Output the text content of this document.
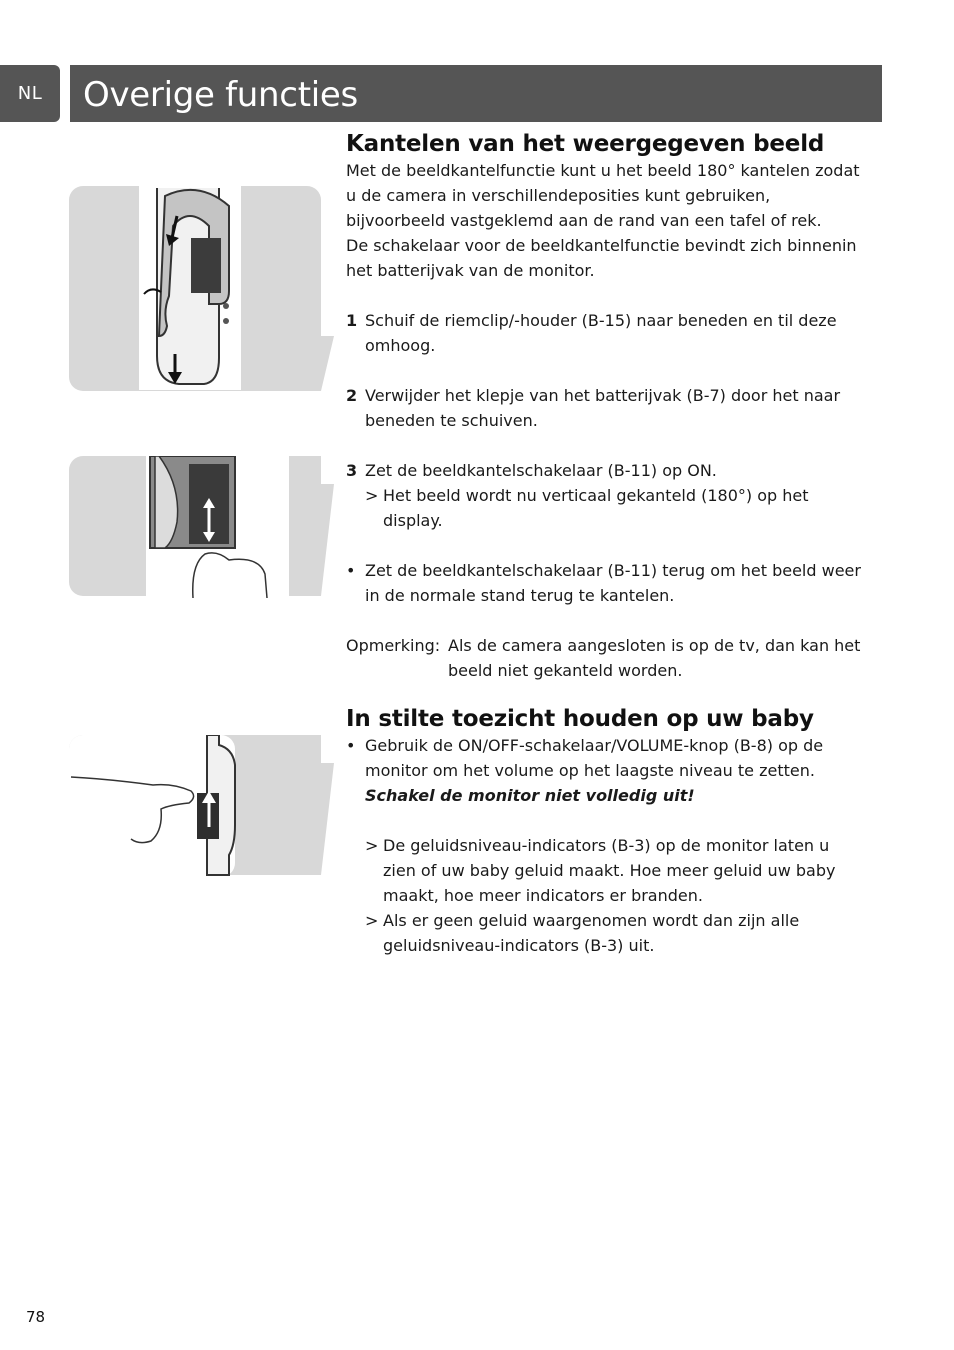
NL	Overige functies
Kantelen van het weergegeven beeld

Met de beeldkantelfunctie kunt u het beeld 180° kantelen zodat

u de camera in verschillendeposities kunt gebruiken,

bijvoorbeeld vastgeklemd aan de rand van een tafel of rek.

De schakelaar voor de beeldkantelfunctie bevindt zich binnenin

het batterijvak van de monitor.

1 Schuif de riemclip/-houder (B-15) naar beneden en til deze

omhoog.

2 Verwijder het klepje van het batterijvak (B-7) door het naar

beneden te schuiven.

3 Zet de beeldkantelschakelaar (B-11) op ON.

> Het beeld wordt nu verticaal gekanteld (180°) op het

display.

• Zet de beeldkantelschakelaar (B-11) terug om het beeld weer

in de normale stand terug te kantelen.

Opmerking: Als de camera aangesloten is op de tv, dan kan het

beeld niet gekanteld worden.

In stilte toezicht houden op uw baby
• Gebruik de ON/OFF-schakelaar/VOLUME-knop (B-8) op de

monitor om het volume op het laagste niveau te zetten.

Schakel de monitor niet volledig uit!

> De geluidsniveau-indicators (B-3) op de monitor laten u

zien of uw baby geluid maakt. Hoe meer geluid uw baby

maakt, hoe meer indicators er branden.

> Als er geen geluid waargenomen wordt dan zijn alle

geluidsniveau-indicators (B-3) uit.

78
